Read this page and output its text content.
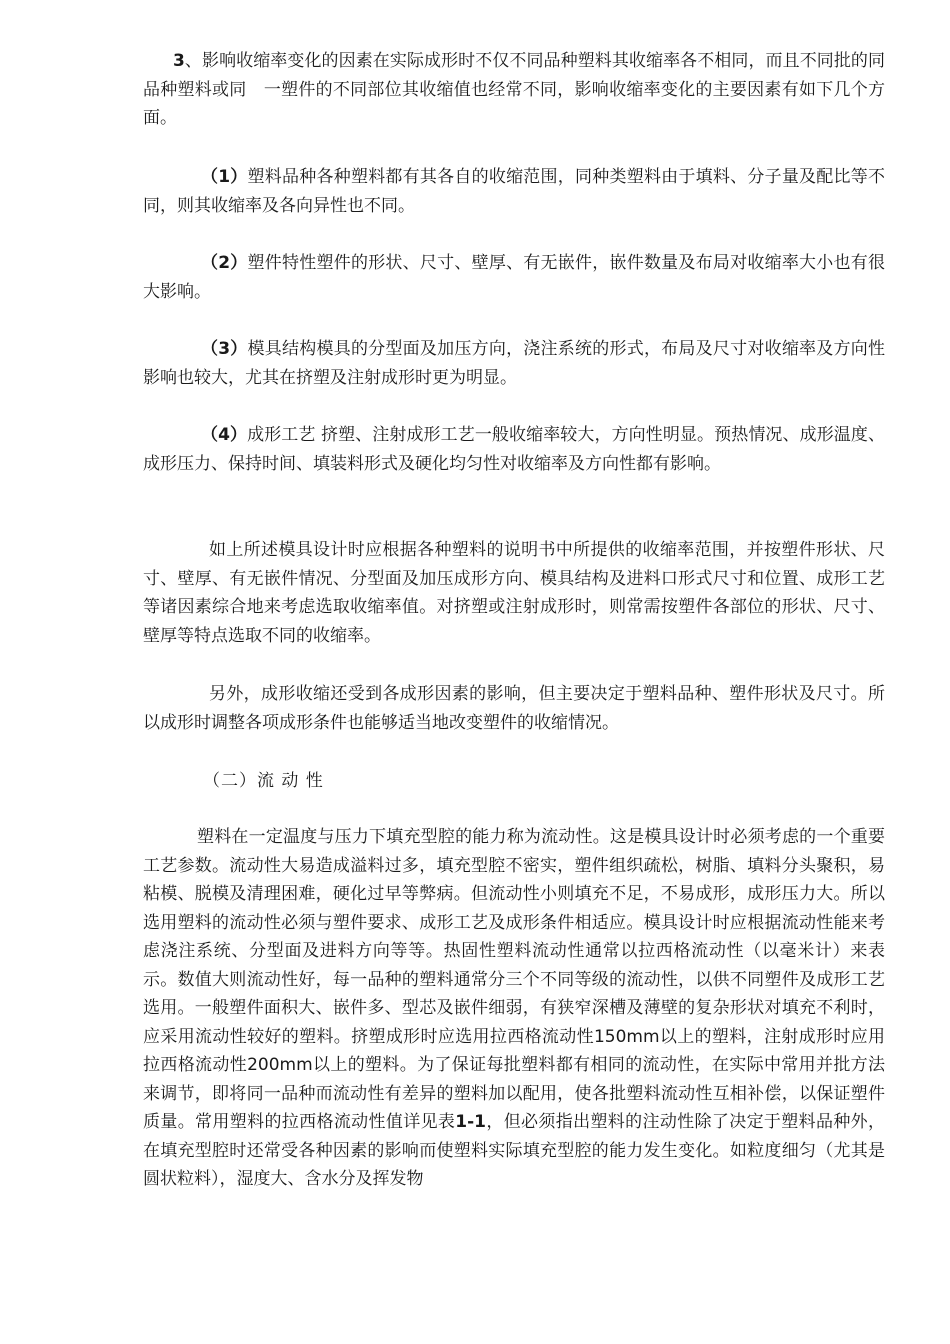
3、影响收缩率变化的因素在实际成形时不仅不同品种塑料其收缩率各不相同，而且不同批的同品种塑料或同　一塑件的不同部位其收缩值也经常不同，影响收缩率变化的主要因素有如下几个方面。

（1）塑料品种各种塑料都有其各自的收缩范围，同种类塑料由于填料、分子量及配比等不同，则其收缩率及各向异性也不同。

（2）塑件特性塑件的形状、尺寸、壁厚、有无嵌件，嵌件数量及布局对收缩率大小也有很大影响。

（3）模具结构模具的分型面及加压方向，浇注系统的形式，布局及尺寸对收缩率及方向性影响也较大，尤其在挤塑及注射成形时更为明显。

（4）成形工艺 挤塑、注射成形工艺一般收缩率较大，方向性明显。预热情况、成形温度、成形压力、保持时间、填装料形式及硬化均匀性对收缩率及方向性都有影响。

如上所述模具设计时应根据各种塑料的说明书中所提供的收缩率范围，并按塑件形状、尺寸、壁厚、有无嵌件情况、分型面及加压成形方向、模具结构及进料口形式尺寸和位置、成形工艺等诸因素综合地来考虑选取收缩率值。对挤塑或注射成形时，则常需按塑件各部位的形状、尺寸、壁厚等特点选取不同的收缩率。

另外，成形收缩还受到各成形因素的影响，但主要决定于塑料品种、塑件形状及尺寸。所以成形时调整各项成形条件也能够适当地改变塑件的收缩情况。

（二）流 动 性

塑料在一定温度与压力下填充型腔的能力称为流动性。这是模具设计时必须考虑的一个重要工艺参数。流动性大易造成溢料过多，填充型腔不密实，塑件组织疏松，树脂、填料分头聚积，易粘模、脱模及清理困难，硬化过早等弊病。但流动性小则填充不足，不易成形，成形压力大。所以选用塑料的流动性必须与塑件要求、成形工艺及成形条件相适应。模具设计时应根据流动性能来考虑浇注系统、分型面及进料方向等等。热固性塑料流动性通常以拉西格流动性（以毫米计）来表示。数值大则流动性好，每一品种的塑料通常分三个不同等级的流动性，以供不同塑件及成形工艺选用。一般塑件面积大、嵌件多、型芯及嵌件细弱，有狭窄深槽及薄壁的复杂形状对填充不利时，应采用流动性较好的塑料。挤塑成形时应选用拉西格流动性150mm以上的塑料，注射成形时应用拉西格流动性200mm以上的塑料。为了保证每批塑料都有相同的流动性，在实际中常用并批方法来调节，即将同一品种而流动性有差异的塑料加以配用，使各批塑料流动性互相补偿，以保证塑件质量。常用塑料的拉西格流动性值详见表1-1，但必须指出塑料的注动性除了决定于塑料品种外，在填充型腔时还常受各种因素的影响而使塑料实际填充型腔的能力发生变化。如粒度细匀（尤其是圆状粒料），湿度大、含水分及挥发物
